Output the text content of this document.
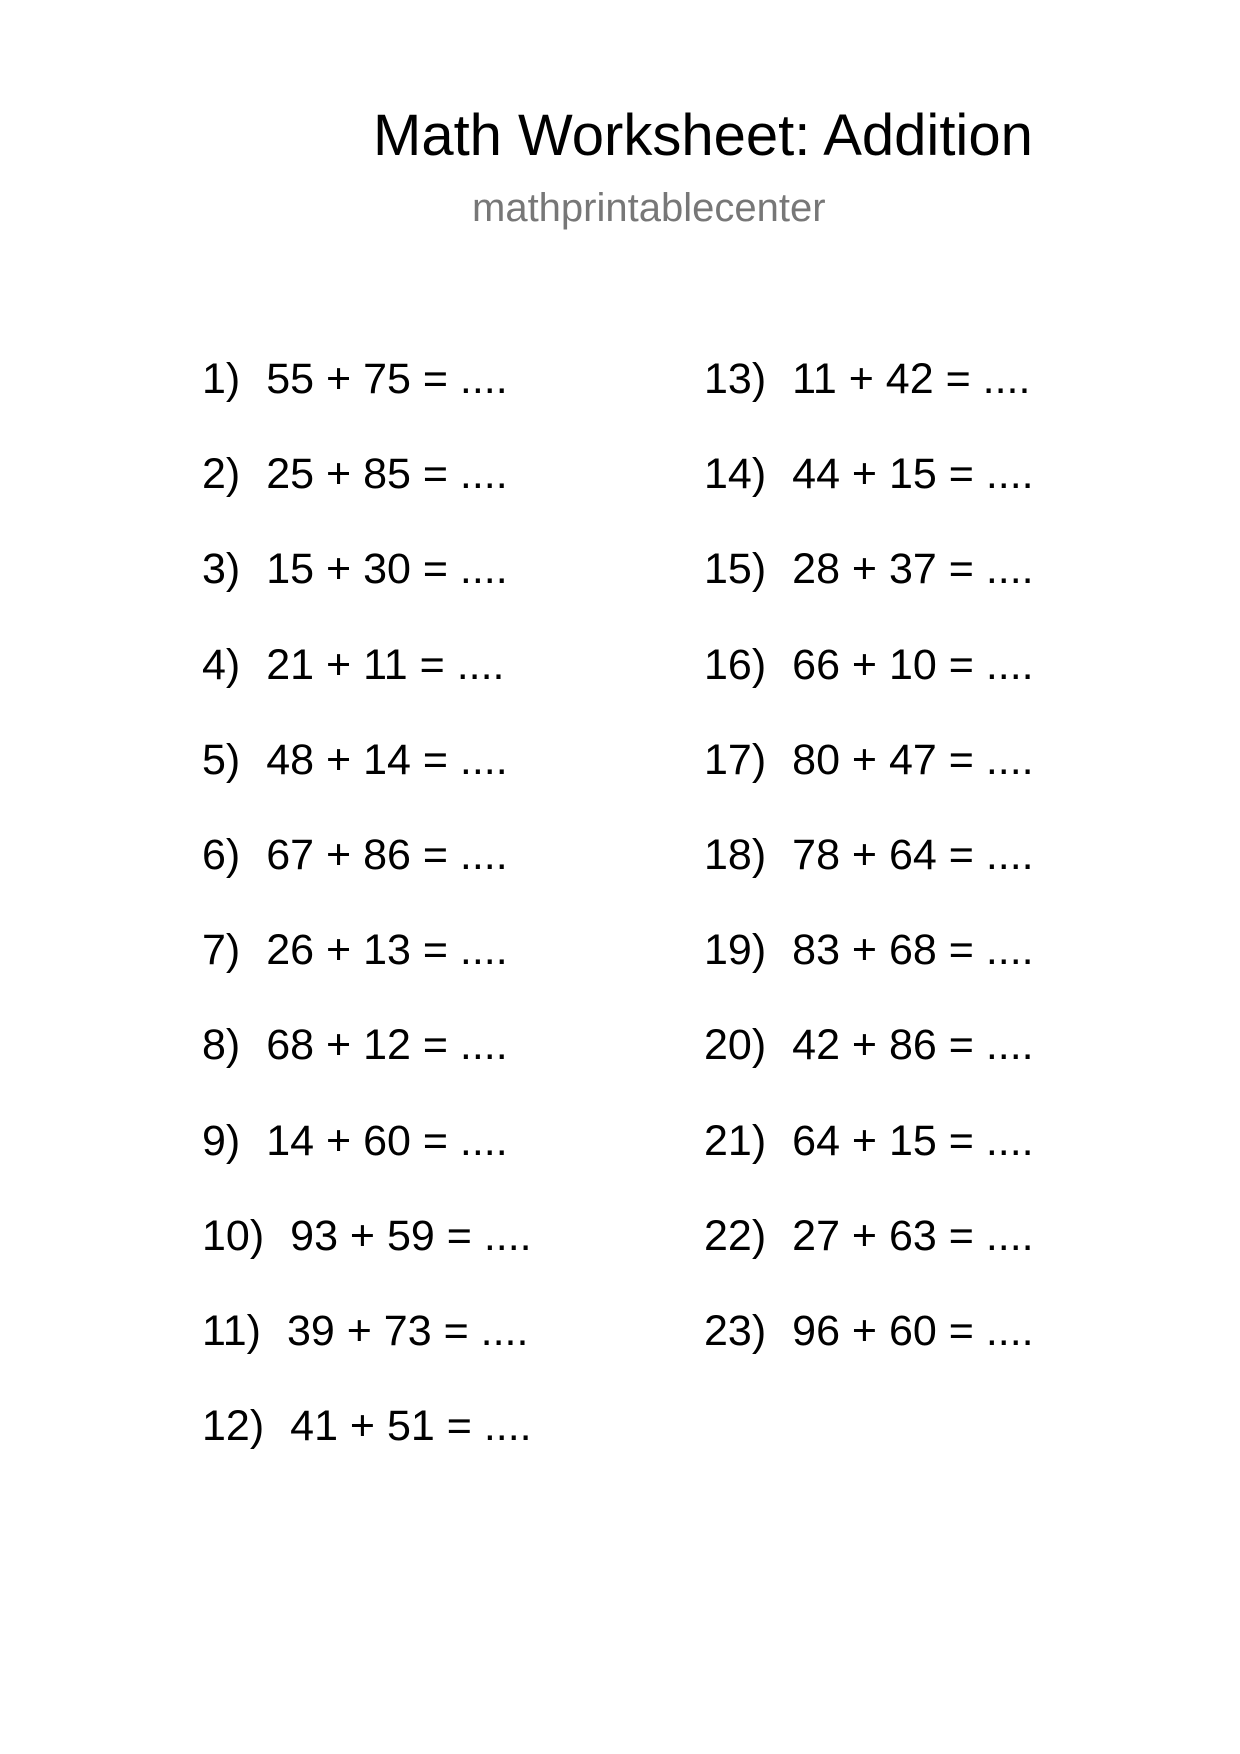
Math Worksheet: Addition
mathprintablecenter
1) 55 + 75 = ....
2) 25 + 85 = ....
3) 15 + 30 = ....
4) 21 + 11 = ....
5) 48 + 14 = ....
6) 67 + 86 = ....
7) 26 + 13 = ....
8) 68 + 12 = ....
9) 14 + 60 = ....
10) 93 + 59 = ....
11) 39 + 73 = ....
12) 41 + 51 = ....
13) 11 + 42 = ....
14) 44 + 15 = ....
15) 28 + 37 = ....
16) 66 + 10 = ....
17) 80 + 47 = ....
18) 78 + 64 = ....
19) 83 + 68 = ....
20) 42 + 86 = ....
21) 64 + 15 = ....
22) 27 + 63 = ....
23) 96 + 60 = ....
